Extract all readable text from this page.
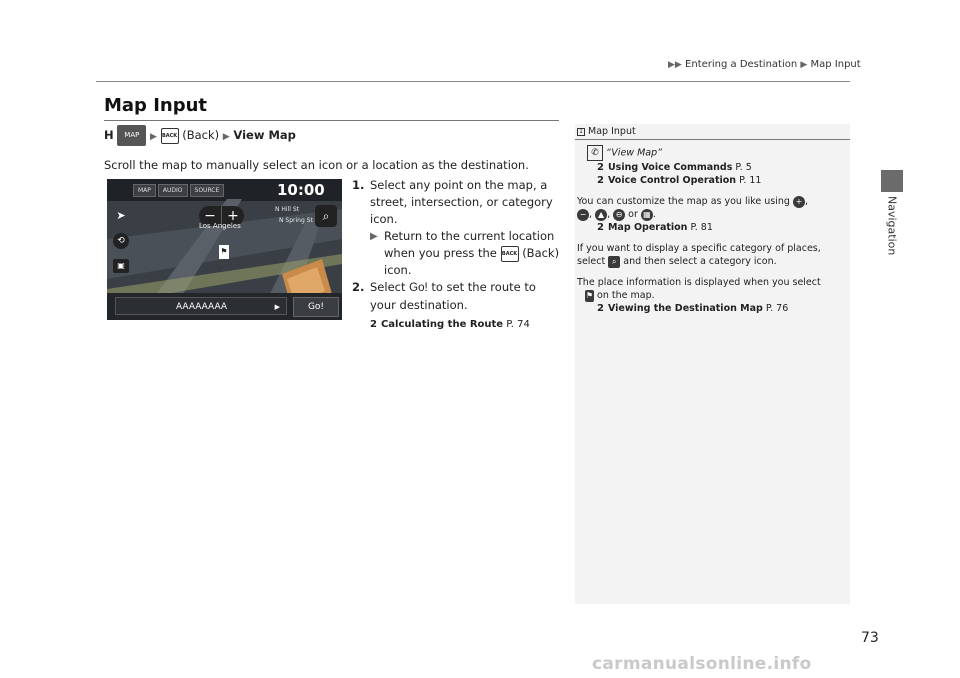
▶▶ Entering a Destination ▶ Map Input
Navigation
Map Input
H MAP ▶ BACK (Back) ▶ View Map
Scroll the map to manually select an icon or a location as the destination.
MAP	AUDIO	SOURCE	10:00
− +	⌕
➤
⟲
▣
N Hill St
N Spring St
Los Angeles
⚑
AAAAAAAA	▶	Go!
1. Select any point on the map, a street, intersection, or category icon.
▶ Return to the current location when you press the BACK (Back) icon.
2. Select Go! to set the route to your destination.
2 Calculating the Route P. 74
1 Map Input
✆ “View Map”
2 Using Voice Commands P. 5
2 Voice Control Operation P. 11
You can customize the map as you like using + ,
− , ▲ , ⊖ or ▦ .
2 Map Operation P. 81
If you want to display a specific category of places,
select ⌕ and then select a category icon.
The place information is displayed when you select
⚑ on the map.
2 Viewing the Destination Map P. 76
73
carmanualsonline.info
